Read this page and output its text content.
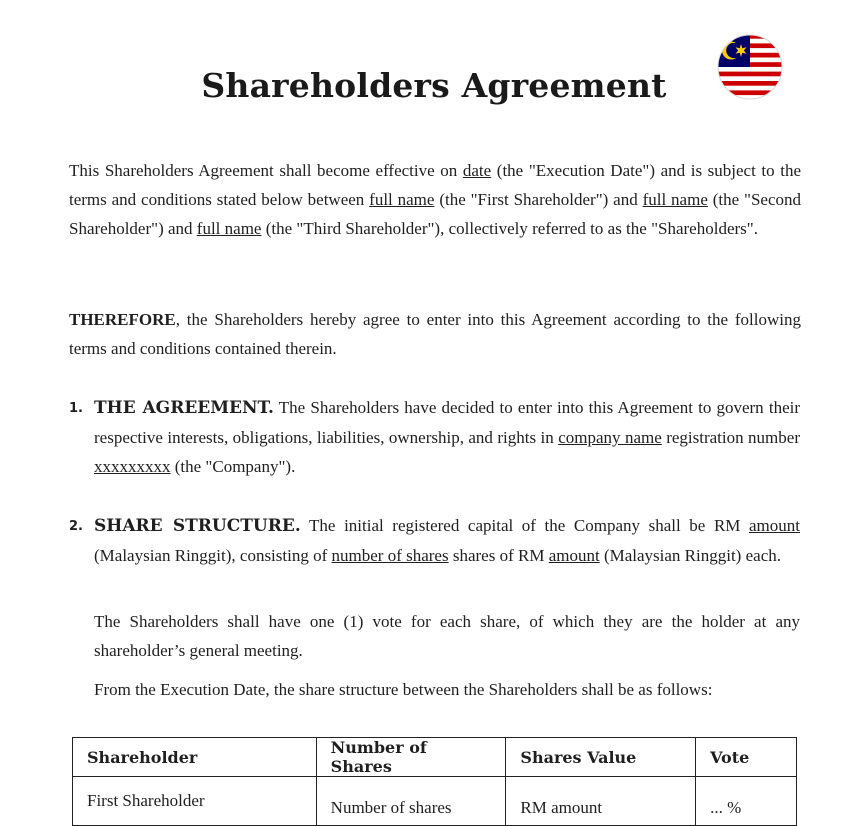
Shareholders Agreement
This Shareholders Agreement shall become effective on date (the "Execution Date") and is subject to the terms and conditions stated below between full name (the "First Shareholder") and full name (the "Second Shareholder") and full name (the "Third Shareholder"), collectively referred to as the "Shareholders".
THEREFORE, the Shareholders hereby agree to enter into this Agreement according to the following terms and conditions contained therein.
1. THE AGREEMENT. The Shareholders have decided to enter into this Agreement to govern their respective interests, obligations, liabilities, ownership, and rights in company name registration number xxxxxxxxx (the "Company").
2. SHARE STRUCTURE. The initial registered capital of the Company shall be RM amount (Malaysian Ringgit), consisting of number of shares shares of RM amount (Malaysian Ringgit) each.
The Shareholders shall have one (1) vote for each share, of which they are the holder at any shareholder’s general meeting.
From the Execution Date, the share structure between the Shareholders shall be as follows:
Shareholder	Number of Shares	Shares Value	Vote
First Shareholder	Number of shares	RM amount	... %
